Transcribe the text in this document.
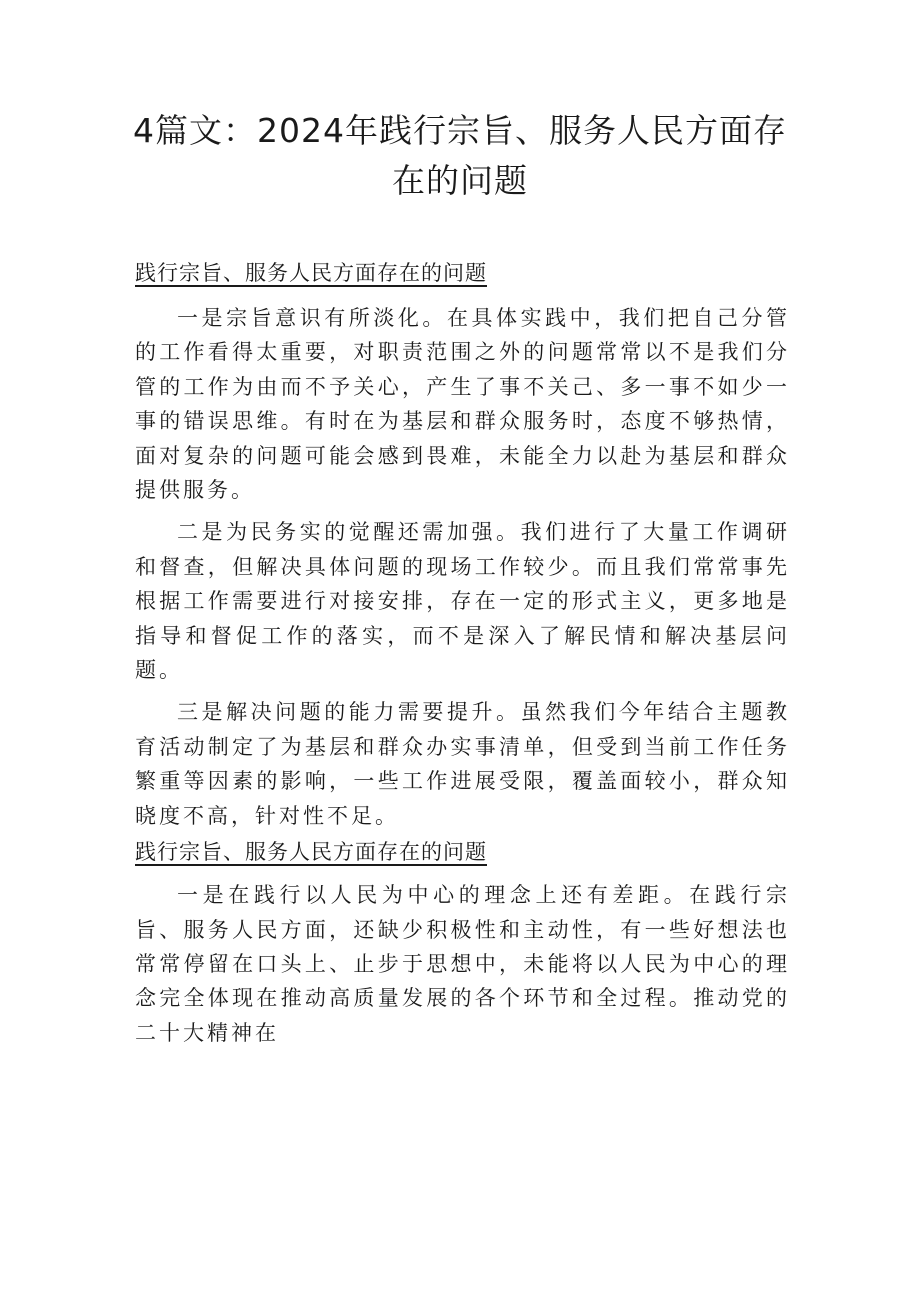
4篇文：2024年践行宗旨、服务人民方面存
在的问题
践行宗旨、服务人民方面存在的问题

一是宗旨意识有所淡化。在具体实践中，我们把自己分管的工作看得太重要，对职责范围之外的问题常常以不是我们分管的工作为由而不予关心，产生了事不关己、多一事不如少一事的错误思维。有时在为基层和群众服务时，态度不够热情，面对复杂的问题可能会感到畏难，未能全力以赴为基层和群众提供服务。

二是为民务实的觉醒还需加强。我们进行了大量工作调研和督查，但解决具体问题的现场工作较少。而且我们常常事先根据工作需要进行对接安排，存在一定的形式主义，更多地是指导和督促工作的落实，而不是深入了解民情和解决基层问题。

三是解决问题的能力需要提升。虽然我们今年结合主题教育活动制定了为基层和群众办实事清单，但受到当前工作任务繁重等因素的影响，一些工作进展受限，覆盖面较小，群众知晓度不高，针对性不足。

践行宗旨、服务人民方面存在的问题

一是在践行以人民为中心的理念上还有差距。在践行宗旨、服务人民方面，还缺少积极性和主动性，有一些好想法也常常停留在口头上、止步于思想中，未能将以人民为中心的理念完全体现在推动高质量发展的各个环节和全过程。推动党的二十大精神在
